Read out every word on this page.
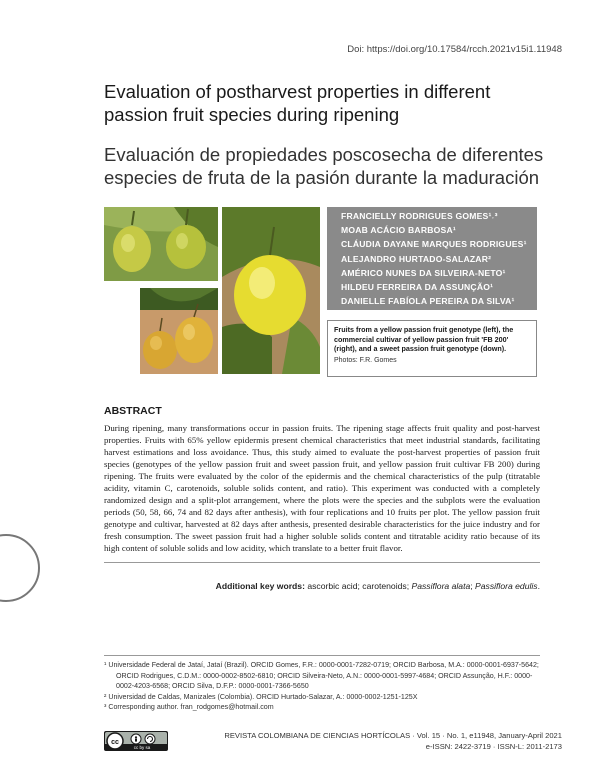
Doi: https://doi.org/10.17584/rcch.2021v15i1.11948
Evaluation of postharvest properties in different passion fruit species during ripening
Evaluación de propiedades poscosecha de diferentes especies de fruta de la pasión durante la maduración
FRANCIELLY RODRIGUES GOMES¹˒³
MOAB ACÁCIO BARBOSA¹
CLÁUDIA DAYANE MARQUES RODRIGUES¹
ALEJANDRO HURTADO-SALAZAR²
AMÉRICO NUNES DA SILVEIRA-NETO¹
HILDEU FERREIRA DA ASSUNÇÃO¹
DANIELLE FABÍOLA PEREIRA DA SILVA¹
Fruits from a yellow passion fruit genotype (left), the commercial cultivar of yellow passion fruit 'FB 200' (right), and a sweet passion fruit genotype (down).
Photos: F.R. Gomes
ABSTRACT
During ripening, many transformations occur in passion fruits. The ripening stage affects fruit quality and post-harvest properties. Fruits with 65% yellow epidermis present chemical characteristics that meet industrial standards, facilitating harvest estimations and loss avoidance. Thus, this study aimed to evaluate the post-harvest properties of passion fruit species (genotypes of the yellow passion fruit and sweet passion fruit, and yellow passion fruit cultivar FB 200) during ripening. The fruits were evaluated by the color of the epidermis and the chemical characteristics of the pulp (titratable acidity, vitamin C, carotenoids, soluble solids content, and ratio). This experiment was conducted with a completely randomized design and a split-plot arrangement, where the plots were the species and the subplots were the evaluation periods (50, 58, 66, 74 and 82 days after anthesis), with four replications and 10 fruits per plot. The yellow passion fruit genotype and cultivar, harvested at 82 days after anthesis, presented desirable characteristics for the juice industry and for fresh consumption. The sweet passion fruit had a higher soluble solids content and titratable acidity ratio because of its high content of soluble solids and low acidity, which translate to a better fruit flavor.
Additional key words: ascorbic acid; carotenoids; Passiflora alata; Passiflora edulis.
¹ Universidade Federal de Jataí, Jataí (Brazil). ORCID Gomes, F.R.: 0000-0001-7282-0719; ORCID Barbosa, M.A.: 0000-0001-6937-5642; ORCID Rodrigues, C.D.M.: 0000-0002-8502-6810; ORCID Silveira-Neto, A.N.: 0000-0001-5997-4684; ORCID Assunção, H.F.: 0000-0002-4203-6568; ORCID Silva, D.F.P.: 0000-0001-7366-5650
² Universidad de Caldas, Manizales (Colombia). ORCID Hurtado-Salazar, A.: 0000-0002-1251-125X
³ Corresponding author. fran_rodgomes@hotmail.com
cc
cc by sa
REVISTA COLOMBIANA DE CIENCIAS HORTÍCOLAS · Vol. 15 · No. 1, e11948, January-April 2021
e-ISSN: 2422-3719 · ISSN-L: 2011-2173
